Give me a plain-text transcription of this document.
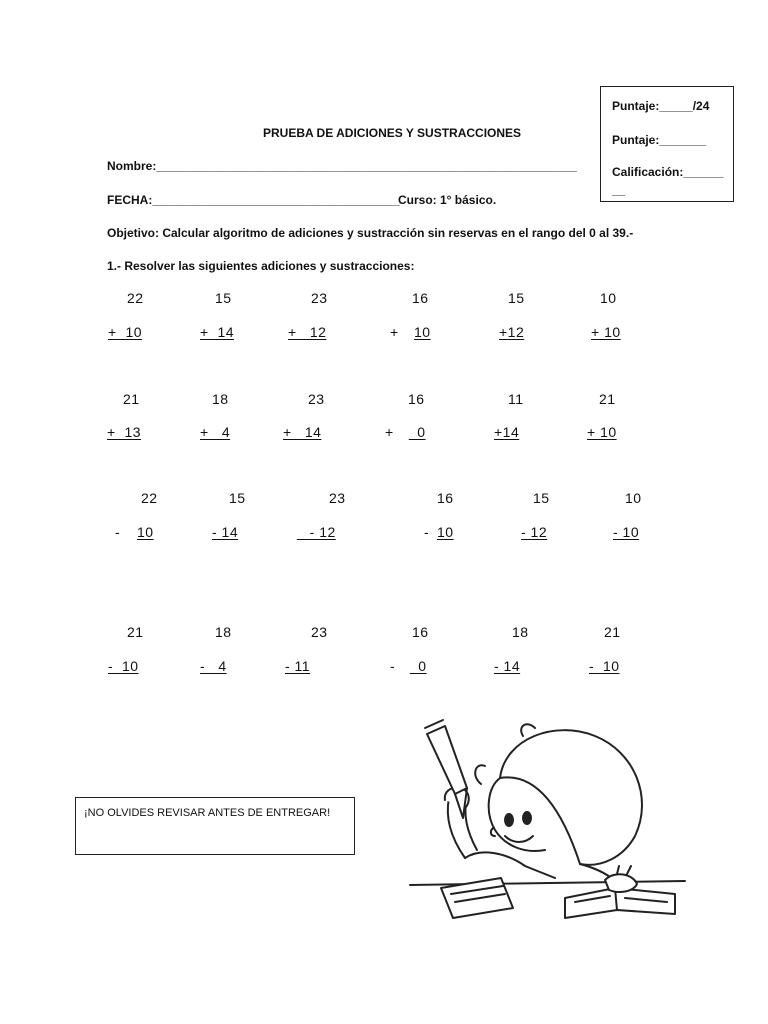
Puntaje:_____/24
Puntaje:_______
Calificación:______
__
PRUEBA DE ADICIONES Y SUSTRACCIONES
Nombre:_______________________________________________________________
FECHA:_____________________________________
Curso: 1° básico.
Objetivo: Calcular algoritmo de adiciones y sustracción sin reservas en el rango del 0 al 39.-
1.- Resolver las siguientes adiciones y sustracciones:
22	15	23	16	15	10
+  10	+  14	+   12	+ 10	+12	+ 10
21	18	23	16	11	21
+  13	+   4	+   14	+ _0	+14	+ 10
22	15	23	16	15	10
- 10	- 14	_ - 12	- 10	- 12	- 10
21	18	23	16	18	21
-  10	-   4	- 11	- _0	- 14	-  10
¡NO OLVIDES REVISAR ANTES DE ENTREGAR!
